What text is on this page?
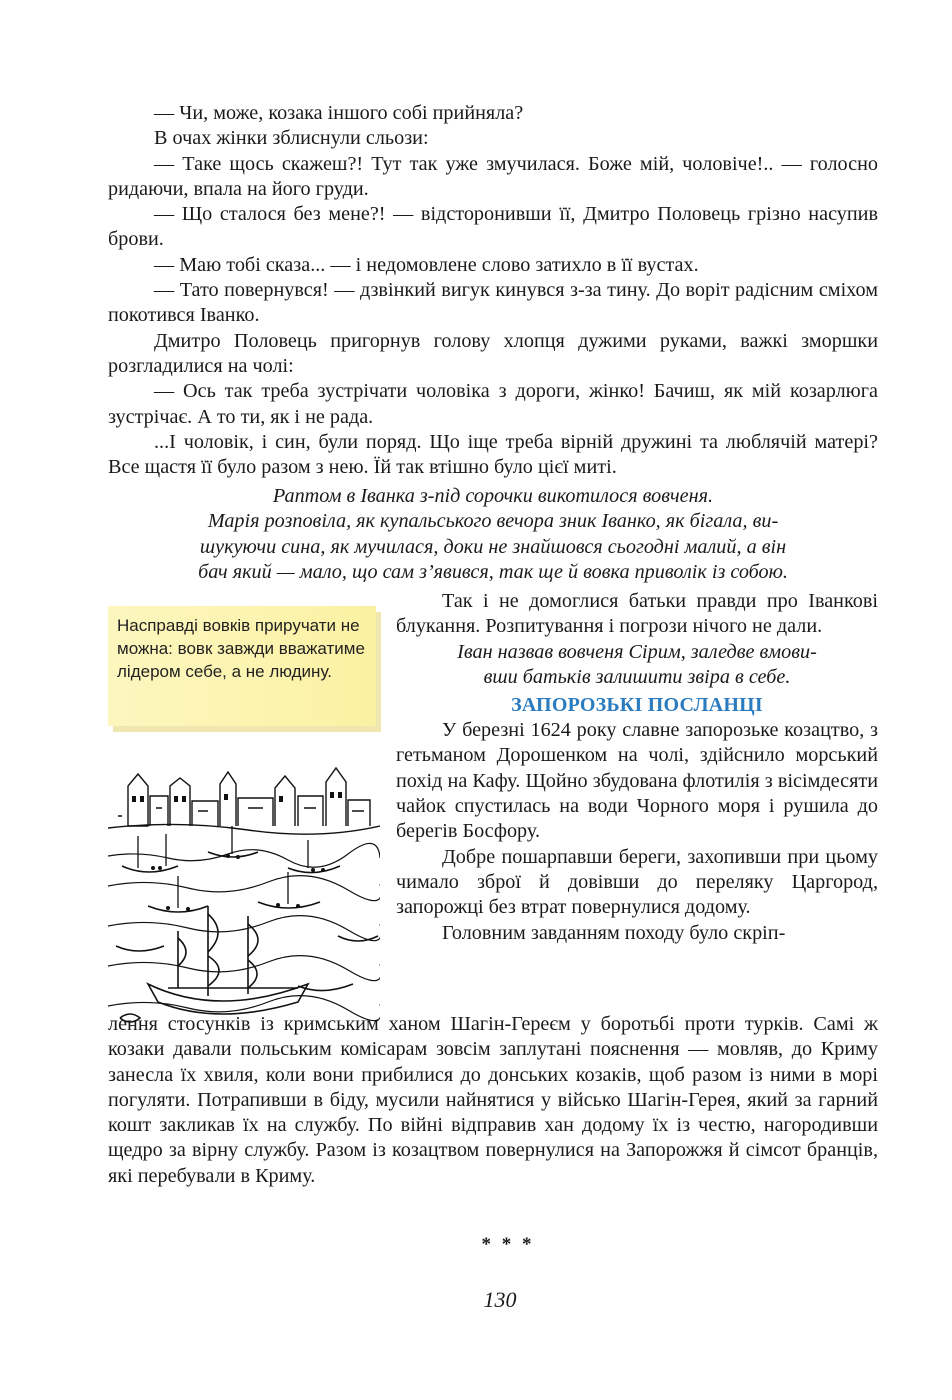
— Чи, може, козака іншого собі прийняла?

В очах жінки зблиснули сльози:

— Таке щось скажеш?! Тут так уже змучилася. Боже мій, чоловіче!.. — голосно ридаючи, впала на його груди.

— Що сталося без мене?! — відсторонивши її, Дмитро Половець грізно насупив брови.

— Маю тобі сказа... — і недомовлене слово затихло в її вустах.

— Тато повернувся! — дзвінкий вигук кинувся з-за тину. До воріт радісним сміхом покотився Іванко.

Дмитро Половець пригорнув голову хлопця дужими руками, важкі зморшки розгладилися на чолі:

— Ось так треба зустрічати чоловіка з дороги, жінко! Бачиш, як мій козарлюга зустрічає. А то ти, як і не рада.

...І чоловік, і син, були поряд. Що іще треба вірній дружині та люблячій матері? Все щастя її було разом з нею. Їй так втішно було цієї миті.

Раптом в Іванка з-під сорочки викотилося вовченя.

Марія розповіла, як купальського вечора зник Іванко, як бігала, ви-

шукуючи сина, як мучилася, доки не знайшовся сьогодні малий, а він

бач який — мало, що сам з’явився, так ще й вовка приволік із собою.

Насправді вовків приручати не можна: вовк завжди вважатиме лідером себе, а не людину.

Так і не домоглися батьки правди про Іванкові блукання. Розпитування і погрози нічого не дали.

Іван назвав вовченя Сірим, заледве вмови-

вши батьків залишити звіра в себе.

ЗАПОРОЗЬКІ ПОСЛАНЦІ

У березні 1624 року славне запорозьке козацтво, з гетьманом Дорошенком на чолі, здійснило морський похід на Кафу. Щойно збудована флотилія з вісімдесяти чайок спустилась на води Чорного моря і рушила до берегів Босфору.

Добре пошарпавши береги, захопивши при цьому чимало зброї й довівши до переляку Царгород, запорожці без втрат повернулися додому.

Головним завданням походу було скріп-

лення стосунків із кримським ханом Шагін-Гереєм у боротьбі проти турків. Самі ж козаки давали польським комісарам зовсім заплутані пояснення — мовляв, до Криму занесла їх хвиля, коли вони прибилися до донських козаків, щоб разом із ними в морі погуляти. Потрапивши в біду, мусили найнятися у військо Шагін-Герея, який за гарний кошт закликав їх на службу. По війні відправив хан додому їх із честю, нагородивши щедро за вірну службу. Разом із козацтвом повернулися на Запорожжя й сімсот бранців, які перебували в Криму.

* * *
130
